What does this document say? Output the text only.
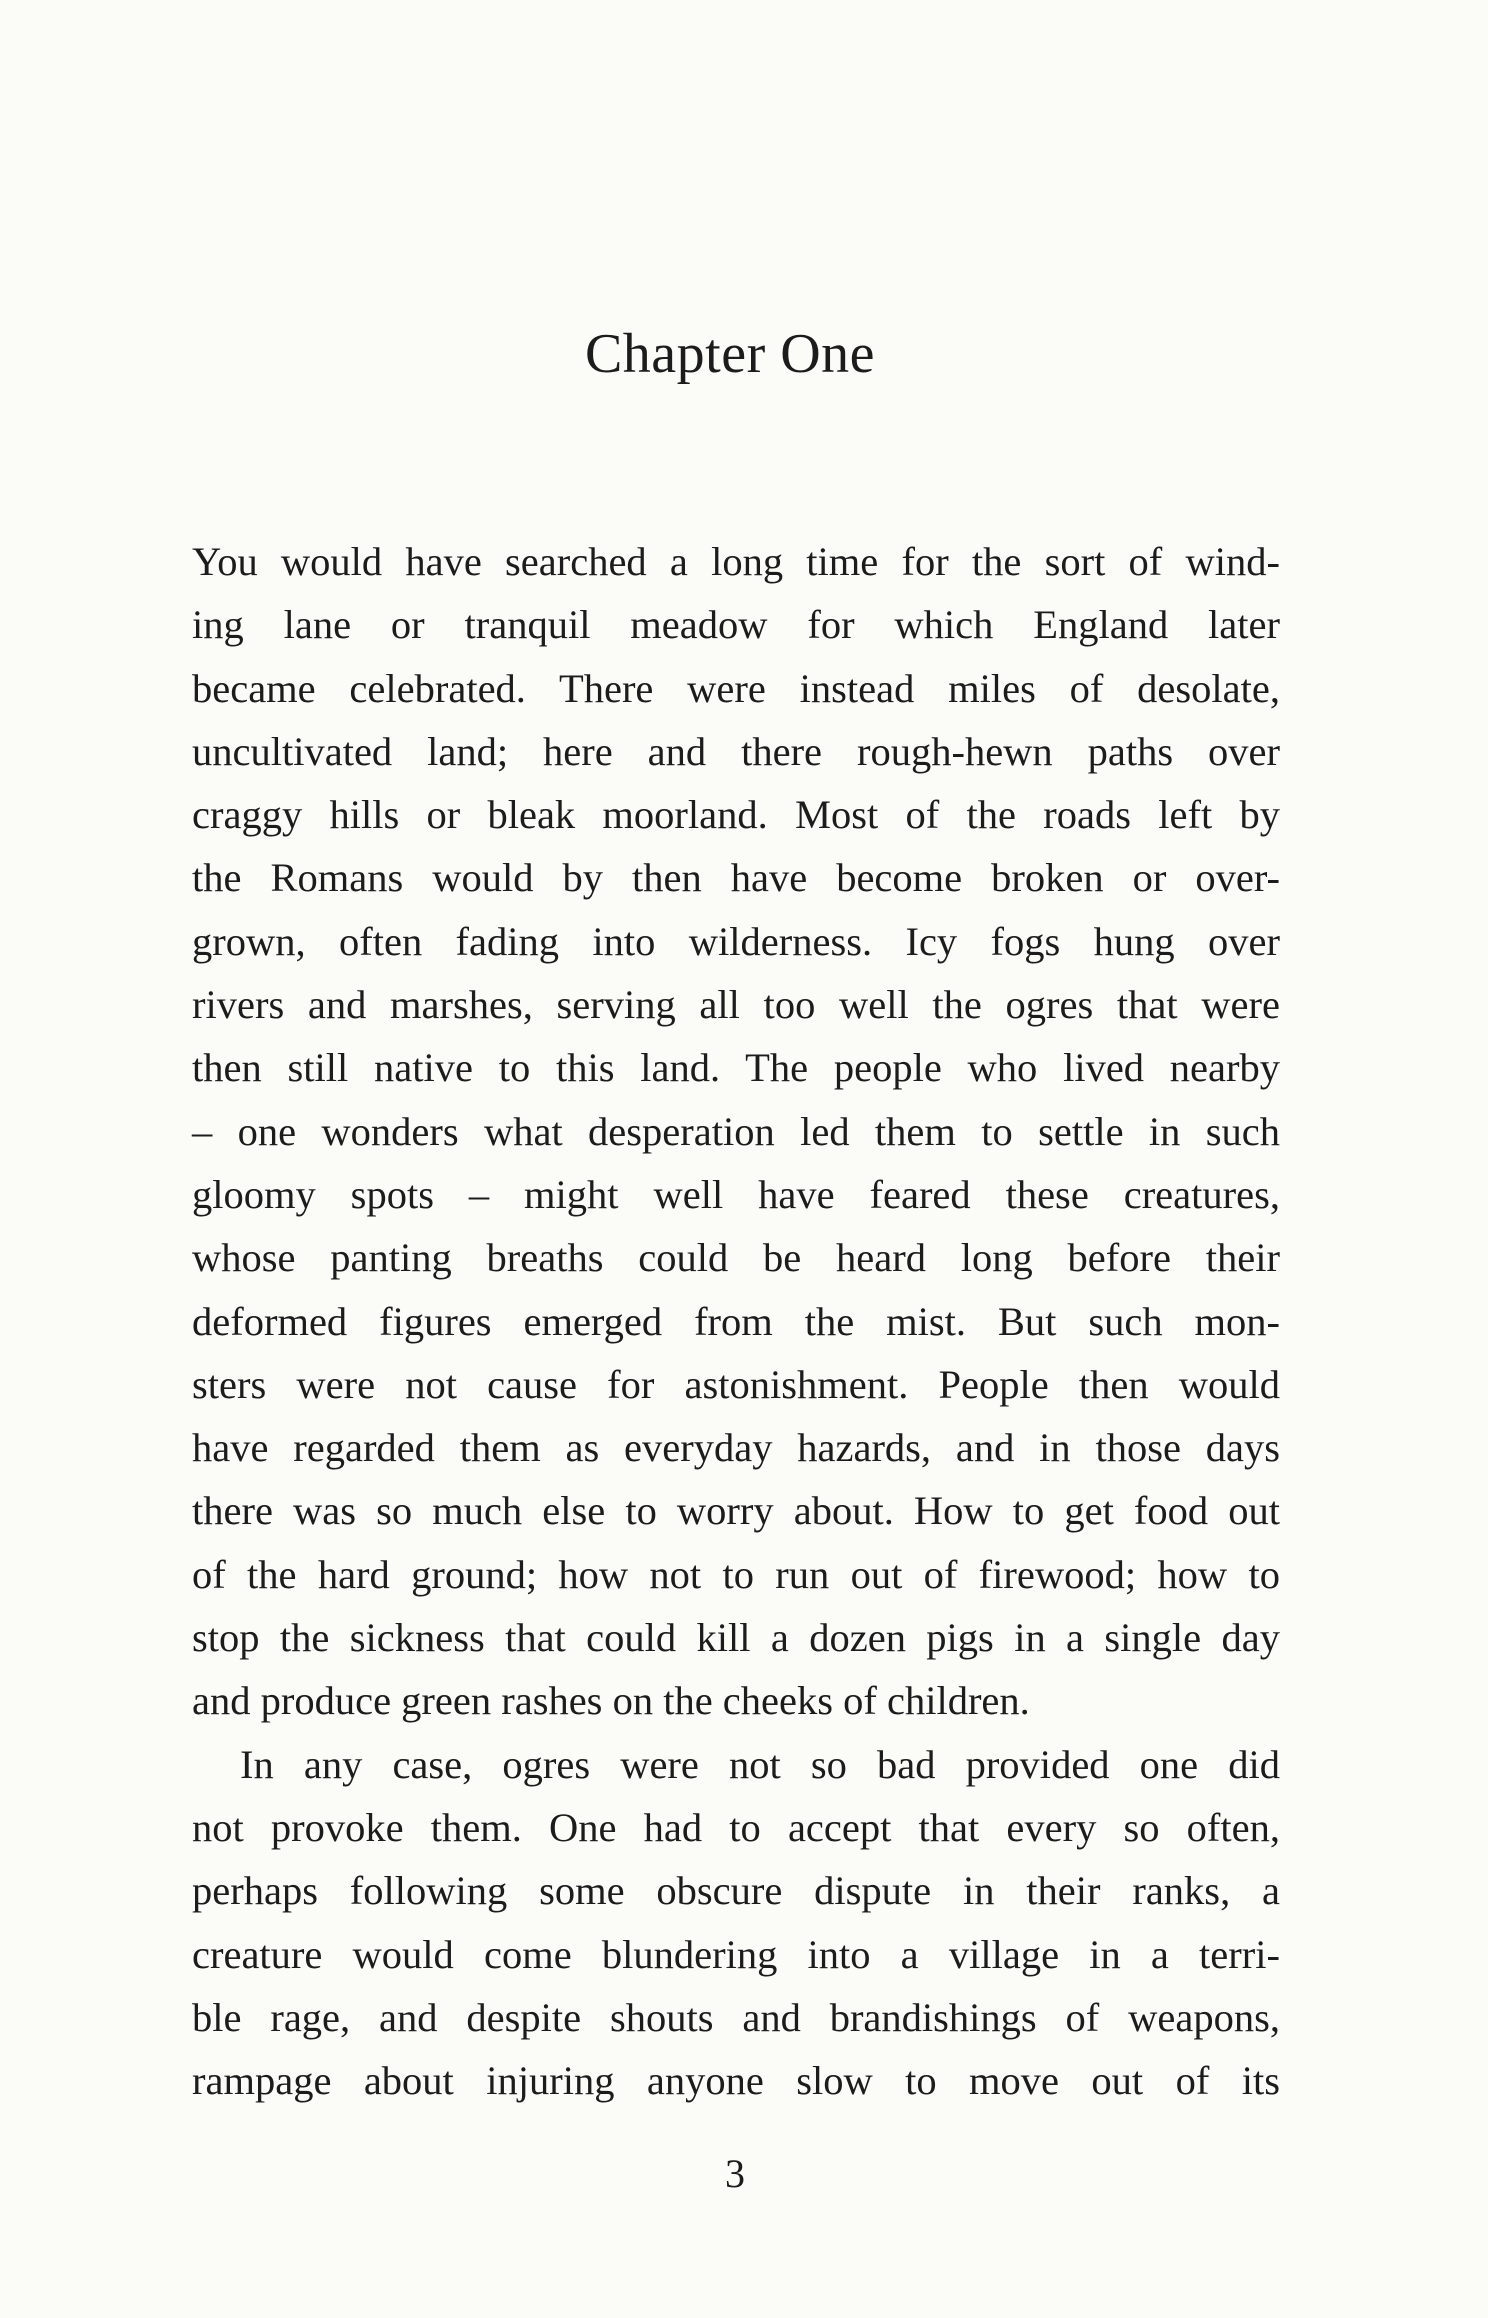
Chapter One

You would have searched a long time for the sort of wind-
ing lane or tranquil meadow for which England later
became celebrated. There were instead miles of desolate,
uncultivated land; here and there rough-hewn paths over
craggy hills or bleak moorland. Most of the roads left by
the Romans would by then have become broken or over-
grown, often fading into wilderness. Icy fogs hung over
rivers and marshes, serving all too well the ogres that were
then still native to this land. The people who lived nearby
– one wonders what desperation led them to settle in such
gloomy spots – might well have feared these creatures,
whose panting breaths could be heard long before their
deformed figures emerged from the mist. But such mon-
sters were not cause for astonishment. People then would
have regarded them as everyday hazards, and in those days
there was so much else to worry about. How to get food out
of the hard ground; how not to run out of firewood; how to
stop the sickness that could kill a dozen pigs in a single day
and produce green rashes on the cheeks of children.

In any case, ogres were not so bad provided one did
not provoke them. One had to accept that every so often,
perhaps following some obscure dispute in their ranks, a
creature would come blundering into a village in a terri-
ble rage, and despite shouts and brandishings of weapons,
rampage about injuring anyone slow to move out of its

3
